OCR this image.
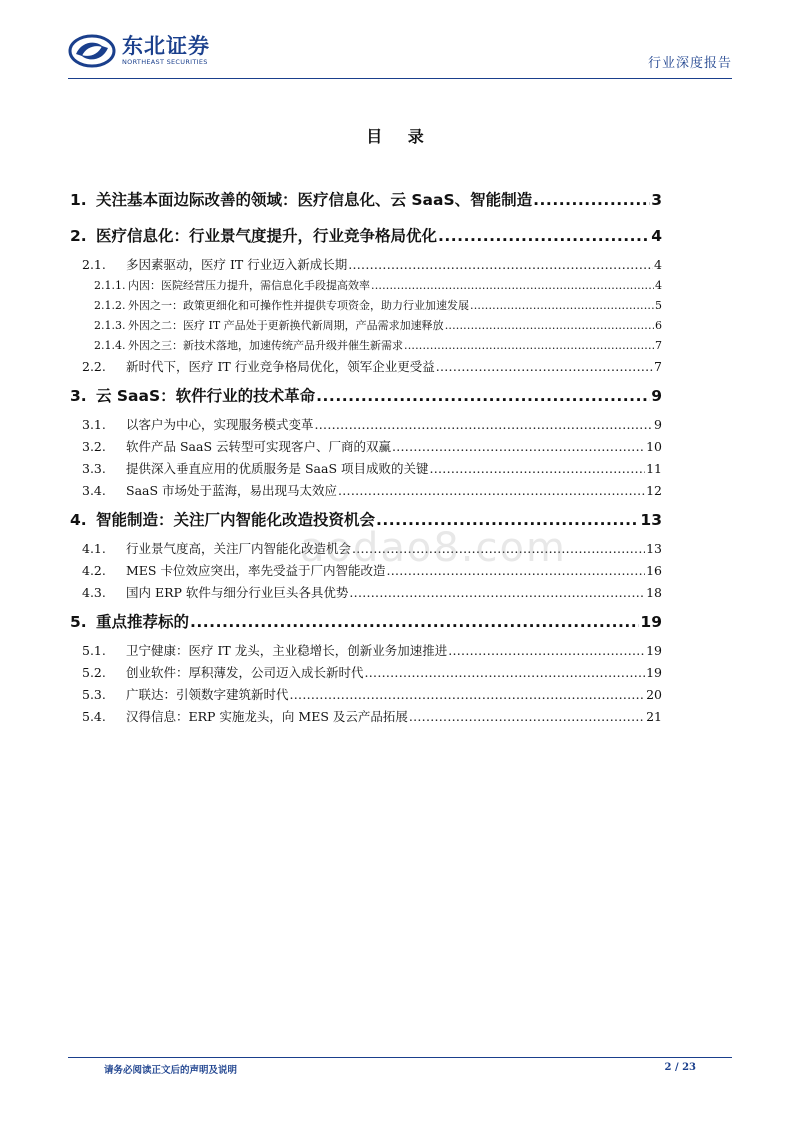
东北证券
NORTHEAST SECURITIES	行业深度报告
目 录
1. 关注基本面边际改善的领域：医疗信息化、云 SaaS、智能制造 .....	3
2. 医疗信息化：行业景气度提升，行业竞争格局优化 .....	4
2.1.	多因素驱动，医疗 IT 行业迈入新成长期 .....	4
2.1.1. 内因：医院经营压力提升，需信息化手段提高效率 .....	4
2.1.2. 外因之一：政策更细化和可操作性并提供专项资金，助力行业加速发展 .....	5
2.1.3. 外因之二：医疗 IT 产品处于更新换代新周期，产品需求加速释放 .....	6
2.1.4. 外因之三：新技术落地，加速传统产品升级并催生新需求 .....	7
2.2.	新时代下，医疗 IT 行业竞争格局优化，领军企业更受益 .....	7
3. 云 SaaS：软件行业的技术革命 .....	9
3.1.	以客户为中心，实现服务模式变革 .....	9
3.2.	软件产品 SaaS 云转型可实现客户、厂商的双赢 .....	10
3.3.	提供深入垂直应用的优质服务是 SaaS 项目成败的关键 .....	11
3.4.	SaaS 市场处于蓝海，易出现马太效应 .....	12
4. 智能制造：关注厂内智能化改造投资机会 .....	13
4.1.	行业景气度高，关注厂内智能化改造机会 .....	13
4.2.	MES 卡位效应突出，率先受益于厂内智能改造 .....	16
4.3.	国内 ERP 软件与细分行业巨头各具优势 .....	18
5. 重点推荐标的 .....	19
5.1.	卫宁健康：医疗 IT 龙头，主业稳增长，创新业务加速推进 .....	19
5.2.	创业软件：厚积薄发，公司迈入成长新时代 .....	19
5.3.	广联达：引领数字建筑新时代 .....	20
5.4.	汉得信息：ERP 实施龙头，向 MES 及云产品拓展 .....	21
aodao8.com
请务必阅读正文后的声明及说明	2 / 23
